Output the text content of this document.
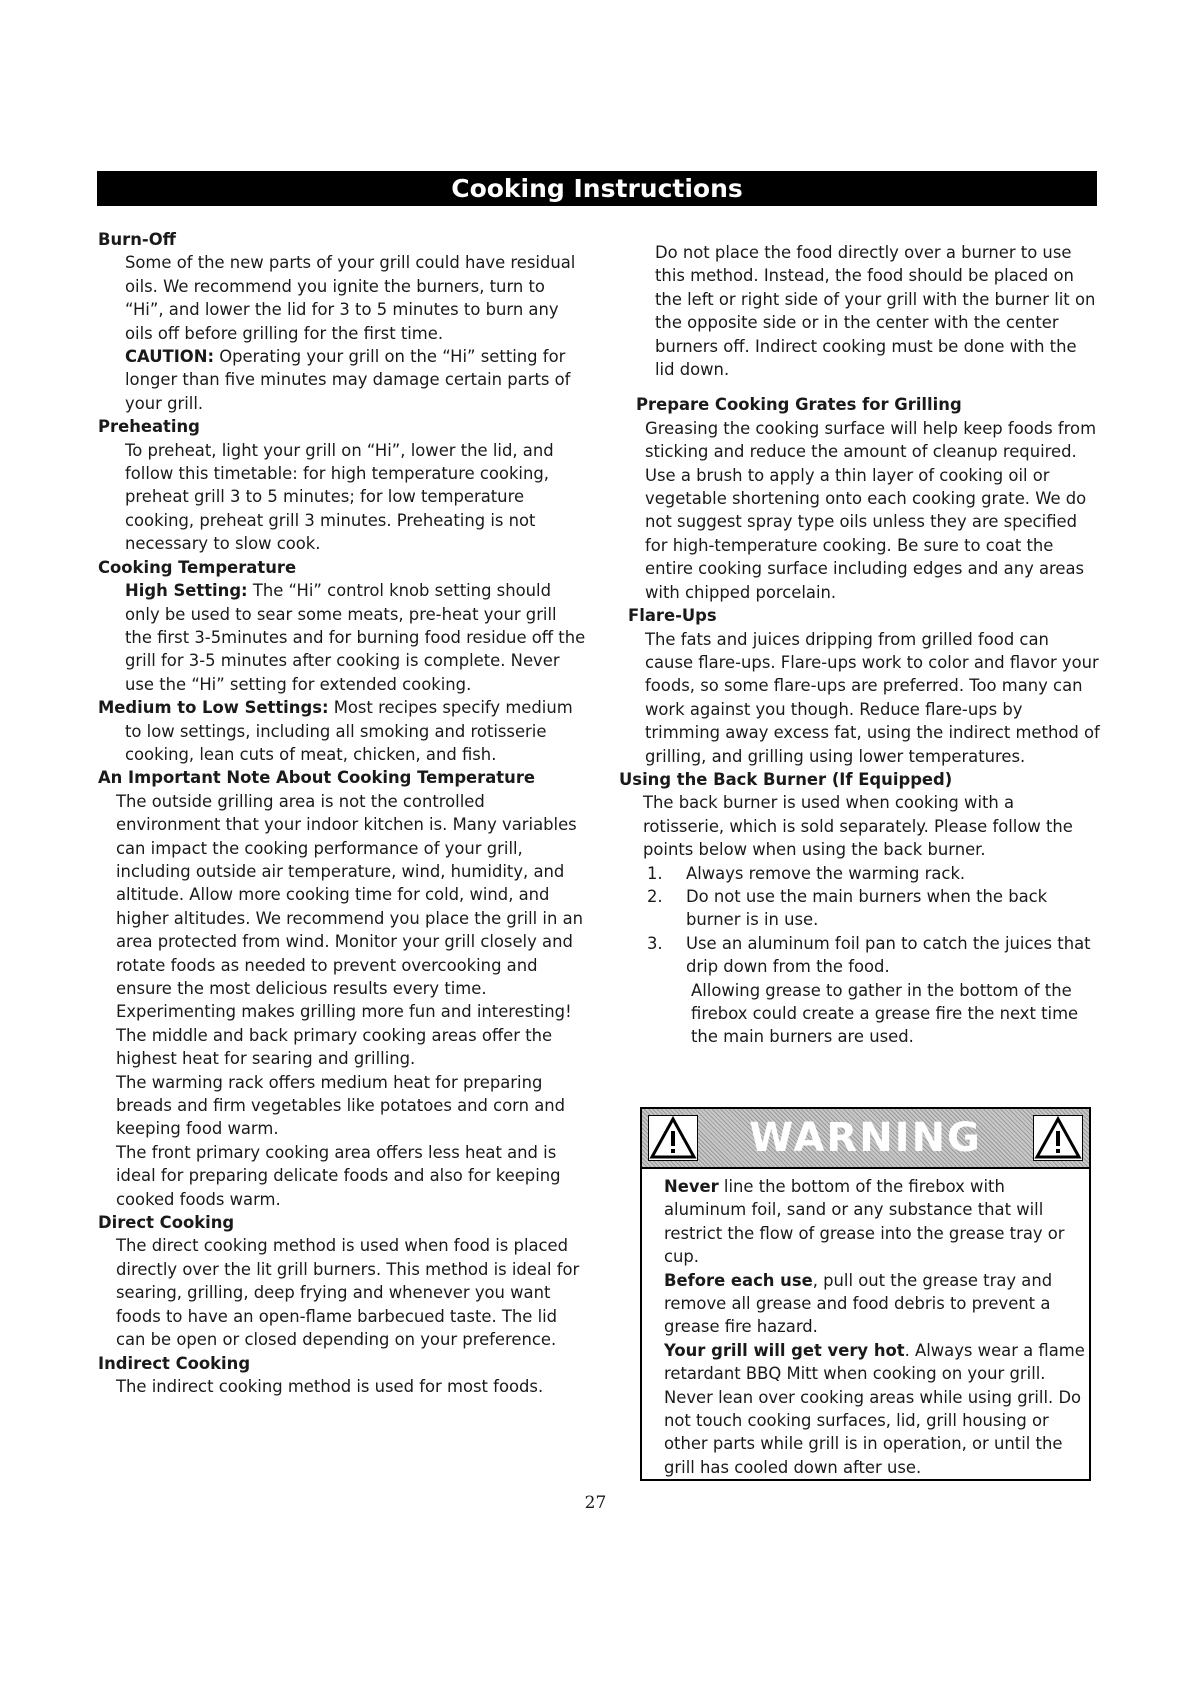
Cooking Instructions
Burn-Off

Some of the new parts of your grill could have residual oils. We recommend you ignite the burners, turn to “Hi”, and lower the lid for 3 to 5 minutes to burn any oils off before grilling for the first time.

CAUTION: Operating your grill on the “Hi” setting for longer than five minutes may damage certain parts of your grill.

Preheating

To preheat, light your grill on “Hi”, lower the lid, and follow this timetable: for high temperature cooking, preheat grill 3 to 5 minutes; for low temperature cooking, preheat grill 3 minutes. Preheating is not necessary to slow cook.

Cooking Temperature

High Setting: The “Hi” control knob setting should only be used to sear some meats, pre-heat your grill the first 3-5minutes and for burning food residue off the grill for 3-5 minutes after cooking is complete. Never use the “Hi” setting for extended cooking.

Medium to Low Settings: Most recipes specify medium to low settings, including all smoking and rotisserie cooking, lean cuts of meat, chicken, and fish.

An Important Note About Cooking Temperature

The outside grilling area is not the controlled environment that your indoor kitchen is. Many variables can impact the cooking performance of your grill, including outside air temperature, wind, humidity, and altitude. Allow more cooking time for cold, wind, and higher altitudes. We recommend you place the grill in an area protected from wind. Monitor your grill closely and rotate foods as needed to prevent overcooking and ensure the most delicious results every time. Experimenting makes grilling more fun and interesting!

The middle and back primary cooking areas offer the highest heat for searing and grilling.

The warming rack offers medium heat for preparing breads and firm vegetables like potatoes and corn and keeping food warm.

The front primary cooking area offers less heat and is ideal for preparing delicate foods and also for keeping cooked foods warm.

Direct Cooking

The direct cooking method is used when food is placed directly over the lit grill burners. This method is ideal for searing, grilling, deep frying and whenever you want foods to have an open-flame barbecued taste. The lid can be open or closed depending on your preference.

Indirect Cooking

The indirect cooking method is used for most foods.

Do not place the food directly over a burner to use this method. Instead, the food should be placed on the left or right side of your grill with the burner lit on the opposite side or in the center with the center burners off. Indirect cooking must be done with the lid down.

Prepare Cooking Grates for Grilling

Greasing the cooking surface will help keep foods from sticking and reduce the amount of cleanup required. Use a brush to apply a thin layer of cooking oil or vegetable shortening onto each cooking grate. We do not suggest spray type oils unless they are specified for high-temperature cooking. Be sure to coat the entire cooking surface including edges and any areas with chipped porcelain.

Flare-Ups

The fats and juices dripping from grilled food can cause flare-ups. Flare-ups work to color and flavor your foods, so some flare-ups are preferred. Too many can work against you though. Reduce flare-ups by trimming away excess fat, using the indirect method of grilling, and grilling using lower temperatures.

Using the Back Burner (If Equipped)

The back burner is used when cooking with a rotisserie, which is sold separately. Please follow the points below when using the back burner.

1.	Always remove the warming rack.
2.	Do not use the main burners when the back burner is in use.
3.	Use an aluminum foil pan to catch the juices that drip down from the food.

Allowing grease to gather in the bottom of the firebox could create a grease fire the next time the main burners are used.

WARNING

Never line the bottom of the firebox with aluminum foil, sand or any substance that will restrict the flow of grease into the grease tray or cup.

Before each use, pull out the grease tray and remove all grease and food debris to prevent a grease fire hazard.

Your grill will get very hot. Always wear a flame retardant BBQ Mitt when cooking on your grill. Never lean over cooking areas while using grill. Do not touch cooking surfaces, lid, grill housing or other parts while grill is in operation, or until the grill has cooled down after use.

27
